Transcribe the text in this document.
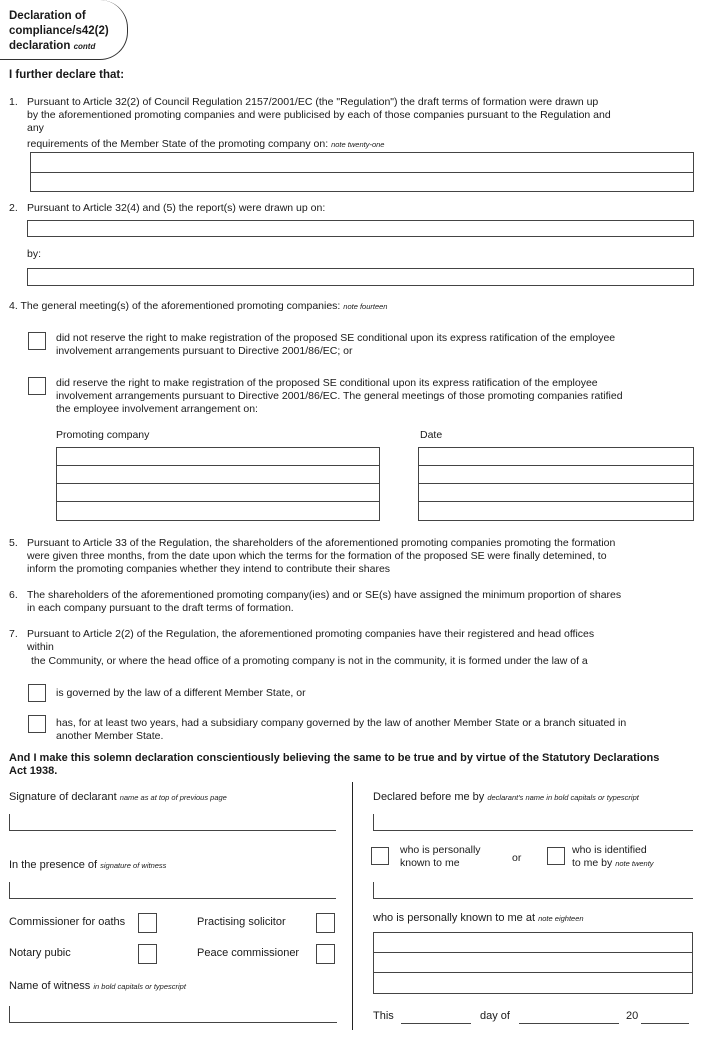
Declaration of
compliance/s42(2)
declaration contd
I further declare that:
1. Pursuant to Article 32(2) of Council Regulation 2157/2001/EC (the "Regulation") the draft terms of formation were drawn up
by the aforementioned promoting companies and were publicised by each of those companies pursuant to the Regulation and
any
requirements of the Member State of the promoting company on: note twenty-one
2. Pursuant to Article 32(4) and (5) the report(s) were drawn up on:
by:
4. The general meeting(s) of the aforementioned promoting companies: note fourteen
did not reserve the right to make registration of the proposed SE conditional upon its express ratification of the employee
involvement arrangements pursuant to Directive 2001/86/EC; or
did reserve the right to make registration of the proposed SE conditional upon its express ratification of the employee
involvement arrangements pursuant to Directive 2001/86/EC. The general meetings of those promoting companies ratified
the employee involvement arrangement on:
Promoting company	Date
5. Pursuant to Article 33 of the Regulation, the shareholders of the aforementioned promoting companies promoting the formation
were given three months, from the date upon which the terms for the formation of the proposed SE were finally detemined, to
inform the promoting companies whether they intend to contribute their shares
6. The shareholders of the aforementioned promoting company(ies) and or SE(s) have assigned the minimum proportion of shares
in each company pursuant to the draft terms of formation.
7. Pursuant to Article 2(2) of the Regulation, the aforementioned promoting companies have their registered and head offices
within
the Community, or where the head office of a promoting company is not in the community, it is formed under the law of a
is governed by the law of a different Member State, or
has, for at least two years, had a subsidiary company governed by the law of another Member State or a branch situated in
another Member State.
And I make this solemn declaration conscientiously believing the same to be true and by virtue of the Statutory Declarations
Act 1938.
Signature of declarant name as at top of previous page
In the presence of signature of witness
Commissioner for oaths	Practising solicitor
Notary pubic	Peace commissioner
Name of witness in bold capitals or typescript
Declared before me by declarant's name in bold capitals or typescript
who is personally
known to me	or
who is identified
to me by note twenty
who is personally known to me at note eighteen
This	day of	20
